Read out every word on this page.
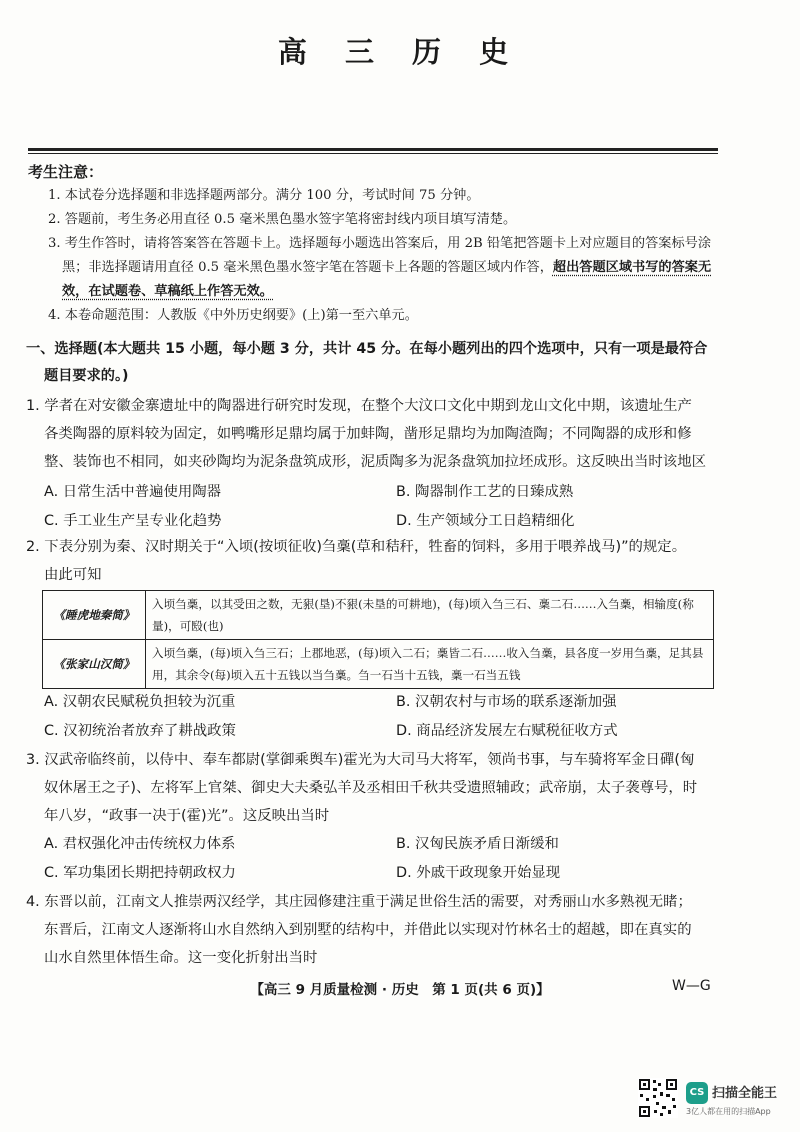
高 三 历 史
考生注意：
1. 本试卷分选择题和非选择题两部分。满分 100 分，考试时间 75 分钟。
2. 答题前，考生务必用直径 0.5 毫米黑色墨水签字笔将密封线内项目填写清楚。
3. 考生作答时，请将答案答在答题卡上。选择题每小题选出答案后，用 2B 铅笔把答题卡上对应题目的答案标号涂黑；非选择题请用直径 0.5 毫米黑色墨水签字笔在答题卡上各题的答题区域内作答，超出答题区域书写的答案无效，在试题卷、草稿纸上作答无效。
4. 本卷命题范围：人教版《中外历史纲要》(上)第一至六单元。
一、选择题(本大题共 15 小题，每小题 3 分，共计 45 分。在每小题列出的四个选项中，只有一项是最符合
题目要求的。)
1. 学者在对安徽金寨遗址中的陶器进行研究时发现，在整个大汶口文化中期到龙山文化中期，该遗址生产
各类陶器的原料较为固定，如鸭嘴形足鼎均属于加蚌陶，凿形足鼎均为加陶渣陶；不同陶器的成形和修
整、装饰也不相同，如夹砂陶均为泥条盘筑成形，泥质陶多为泥条盘筑加拉坯成形。这反映出当时该地区
A. 日常生活中普遍使用陶器	B. 陶器制作工艺的日臻成熟
C. 手工业生产呈专业化趋势	D. 生产领域分工日趋精细化
2. 下表分别为秦、汉时期关于“入顷(按顷征收)刍稾(草和秸秆，牲畜的饲料，多用于喂养战马)”的规定。
由此可知
《睡虎地秦简》	入顷刍稾，以其受田之数，无豤(垦)不豤(未垦的可耕地)，(每)顷入刍三石、稾二石……入刍稾，相输度(称量)，可殹(也)
《张家山汉简》	入顷刍稾，(每)顷入刍三石；上郡地恶，(每)顷入二石；稾皆二石……收入刍稾，县各度一岁用刍稾，足其县用，其余令(每)顷入五十五钱以当刍稾。刍一石当十五钱，稾一石当五钱
A. 汉朝农民赋税负担较为沉重	B. 汉朝农村与市场的联系逐渐加强
C. 汉初统治者放弃了耕战政策	D. 商品经济发展左右赋税征收方式
3. 汉武帝临终前，以侍中、奉车都尉(掌御乘舆车)霍光为大司马大将军，领尚书事，与车骑将军金日磾(匈
奴休屠王之子)、左将军上官桀、御史大夫桑弘羊及丞相田千秋共受遗照辅政；武帝崩，太子袭尊号，时
年八岁，“政事一决于(霍)光”。这反映出当时
A. 君权强化冲击传统权力体系	B. 汉匈民族矛盾日渐缓和
C. 军功集团长期把持朝政权力	D. 外戚干政现象开始显现
4. 东晋以前，江南文人推崇两汉经学，其庄园修建注重于满足世俗生活的需要，对秀丽山水多熟视无睹；
东晋后，江南文人逐渐将山水自然纳入到别墅的结构中，并借此以实现对竹林名士的超越，即在真实的
山水自然里体悟生命。这一变化折射出当时
【高三 9 月质量检测 · 历史　第 1 页(共 6 页)】	W—G
CS 扫描全能王
3亿人都在用的扫描App
